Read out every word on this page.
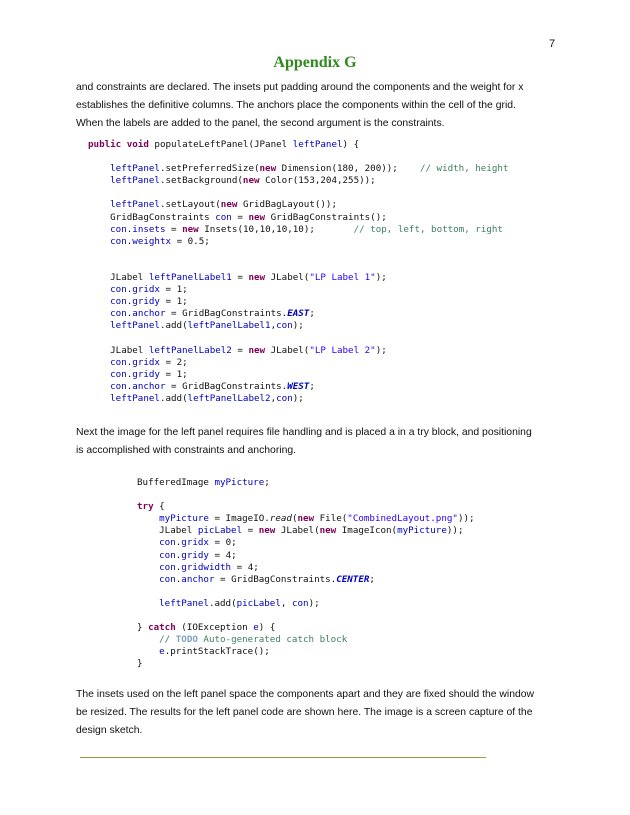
7
Appendix G

and constraints are declared. The insets put padding around the components and the weight for x establishes the definitive columns. The anchors place the components within the cell of the grid. When the labels are added to the panel, the second argument is the constraints.

public void populateLeftPanel(JPanel leftPanel) {
leftPanel.setPreferredSize(new Dimension(180, 200));    // width, height
leftPanel.setBackground(new Color(153,204,255));
leftPanel.setLayout(new GridBagLayout());
GridBagConstraints con = new GridBagConstraints();
con.insets = new Insets(10,10,10,10);       // top, left, bottom, right
con.weightx = 0.5;
JLabel leftPanelLabel1 = new JLabel("LP Label 1");
con.gridx = 1;
con.gridy = 1;
con.anchor = GridBagConstraints.EAST;
leftPanel.add(leftPanelLabel1,con);
JLabel leftPanelLabel2 = new JLabel("LP Label 2");
con.gridx = 2;
con.gridy = 1;
con.anchor = GridBagConstraints.WEST;
leftPanel.add(leftPanelLabel2,con);

Next the image for the left panel requires file handling and is placed a in a try block, and positioning is accomplished with constraints and anchoring.

BufferedImage myPicture;
try {
myPicture = ImageIO.read(new File("CombinedLayout.png"));
JLabel picLabel = new JLabel(new ImageIcon(myPicture));
con.gridx = 0;
con.gridy = 4;
con.gridwidth = 4;
con.anchor = GridBagConstraints.CENTER;
leftPanel.add(picLabel, con);
} catch (IOException e) {
// TODO Auto-generated catch block
e.printStackTrace();
}

The insets used on the left panel space the components apart and they are fixed should the window be resized. The results for the left panel code are shown here. The image is a screen capture of the design sketch.
